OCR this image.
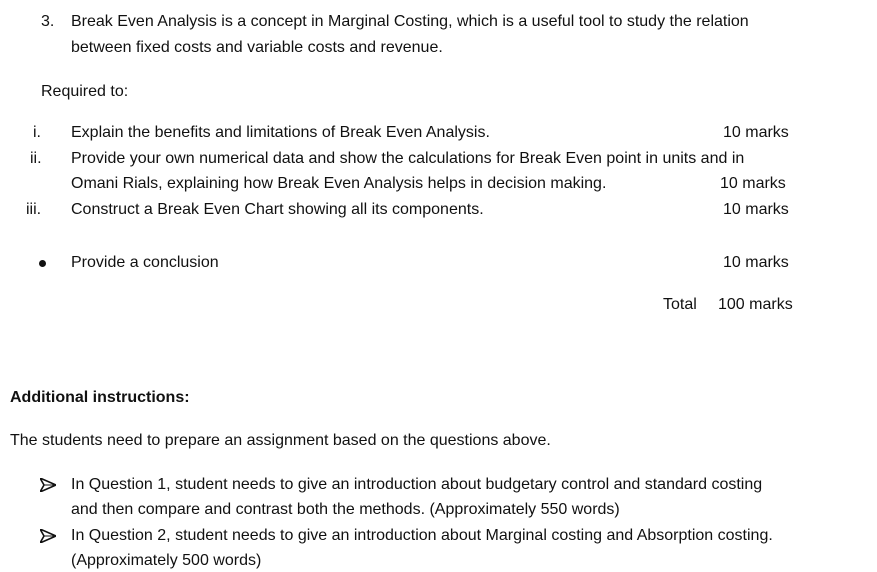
3. Break Even Analysis is a concept in Marginal Costing, which is a useful tool to study the relation
between fixed costs and variable costs and revenue.
Required to:
i. Explain the benefits and limitations of Break Even Analysis.	10 marks
ii. Provide your own numerical data and show the calculations for Break Even point in units and in
Omani Rials, explaining how Break Even Analysis helps in decision making.	10 marks
iii. Construct a Break Even Chart showing all its components.	10 marks
Provide a conclusion	10 marks
Total 100 marks
Additional instructions:
The students need to prepare an assignment based on the questions above.
In Question 1, student needs to give an introduction about budgetary control and standard costing
and then compare and contrast both the methods. (Approximately 550 words)
In Question 2, student needs to give an introduction about Marginal costing and Absorption costing.
(Approximately 500 words)
